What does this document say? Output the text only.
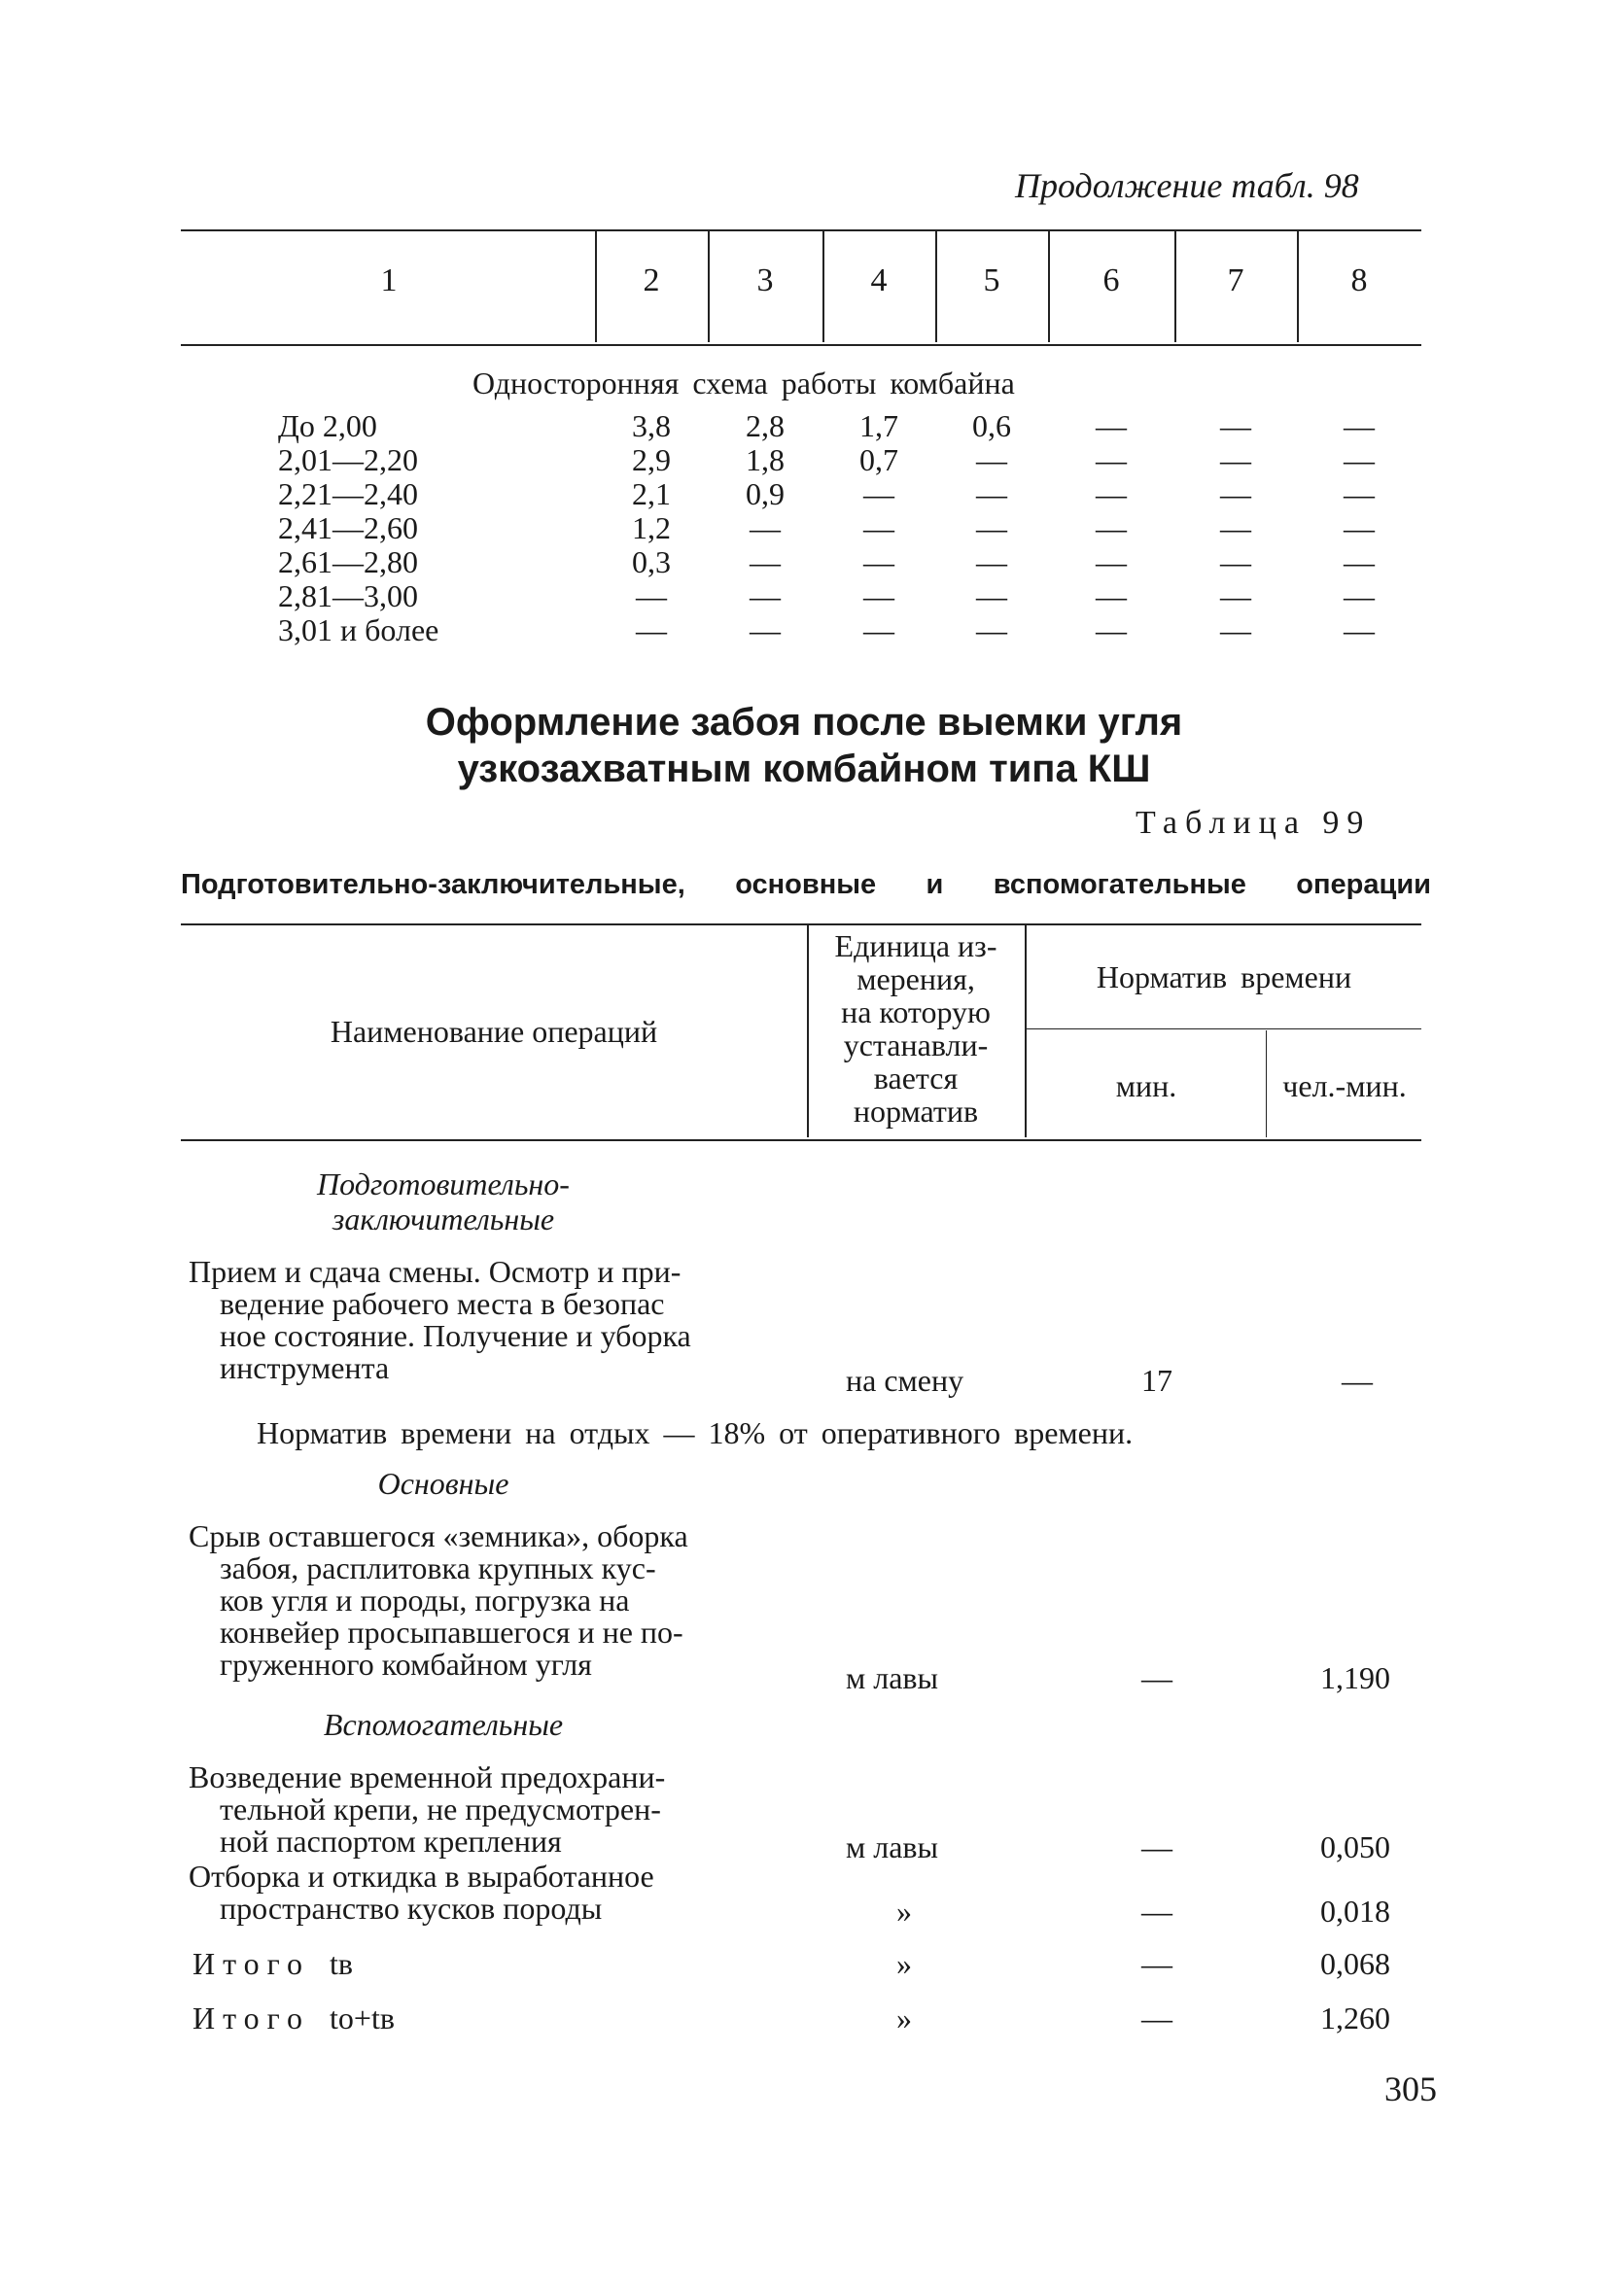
Продолжение табл. 98
1	2	3	4	5	6	7	8
Односторонняя схема работы комбайна
До 2,00	3,8	2,8	1,7	0,6	—	—	—
2,01—2,20	2,9	1,8	0,7	—	—	—	—
2,21—2,40	2,1	0,9	—	—	—	—	—
2,41—2,60	1,2	—	—	—	—	—	—
2,61—2,80	0,3	—	—	—	—	—	—
2,81—3,00	—	—	—	—	—	—	—
3,01 и более	—	—	—	—	—	—	—
Оформление забоя после выемки угля
узкозахватным комбайном типа КШ
Таблица 99
Подготовительно-заключительные, основные и вспомогательные операции
Наименование операций
Единица из-
мерения,
на которую
устанавли-
вается
норматив
Норматив времени
мин.	чел.-мин.
Подготовительно-
заключительные
Прием и сдача смены. Осмотр и при-
ведение рабочего места в безопас
ное состояние. Получение и уборка
инструмента	на смену	17	—
Норматив времени на отдых — 18% от оперативного времени.
Основные
Срыв оставшегося «земника», оборка
забоя, расплитовка крупных кус-
ков угля и породы, погрузка на
конвейер просыпавшегося и не по-
груженного комбайном угля	м лавы	—	1,190
Вспомогательные
Возведение временной предохрани-
тельной крепи, не предусмотрен-
ной паспортом крепления	м лавы	—	0,050
Отборка и откидка в выработанное
пространство кусков породы	»	—	0,018
Итого tв	»	—	0,068
Итого tо+tв	»	—	1,260
305
